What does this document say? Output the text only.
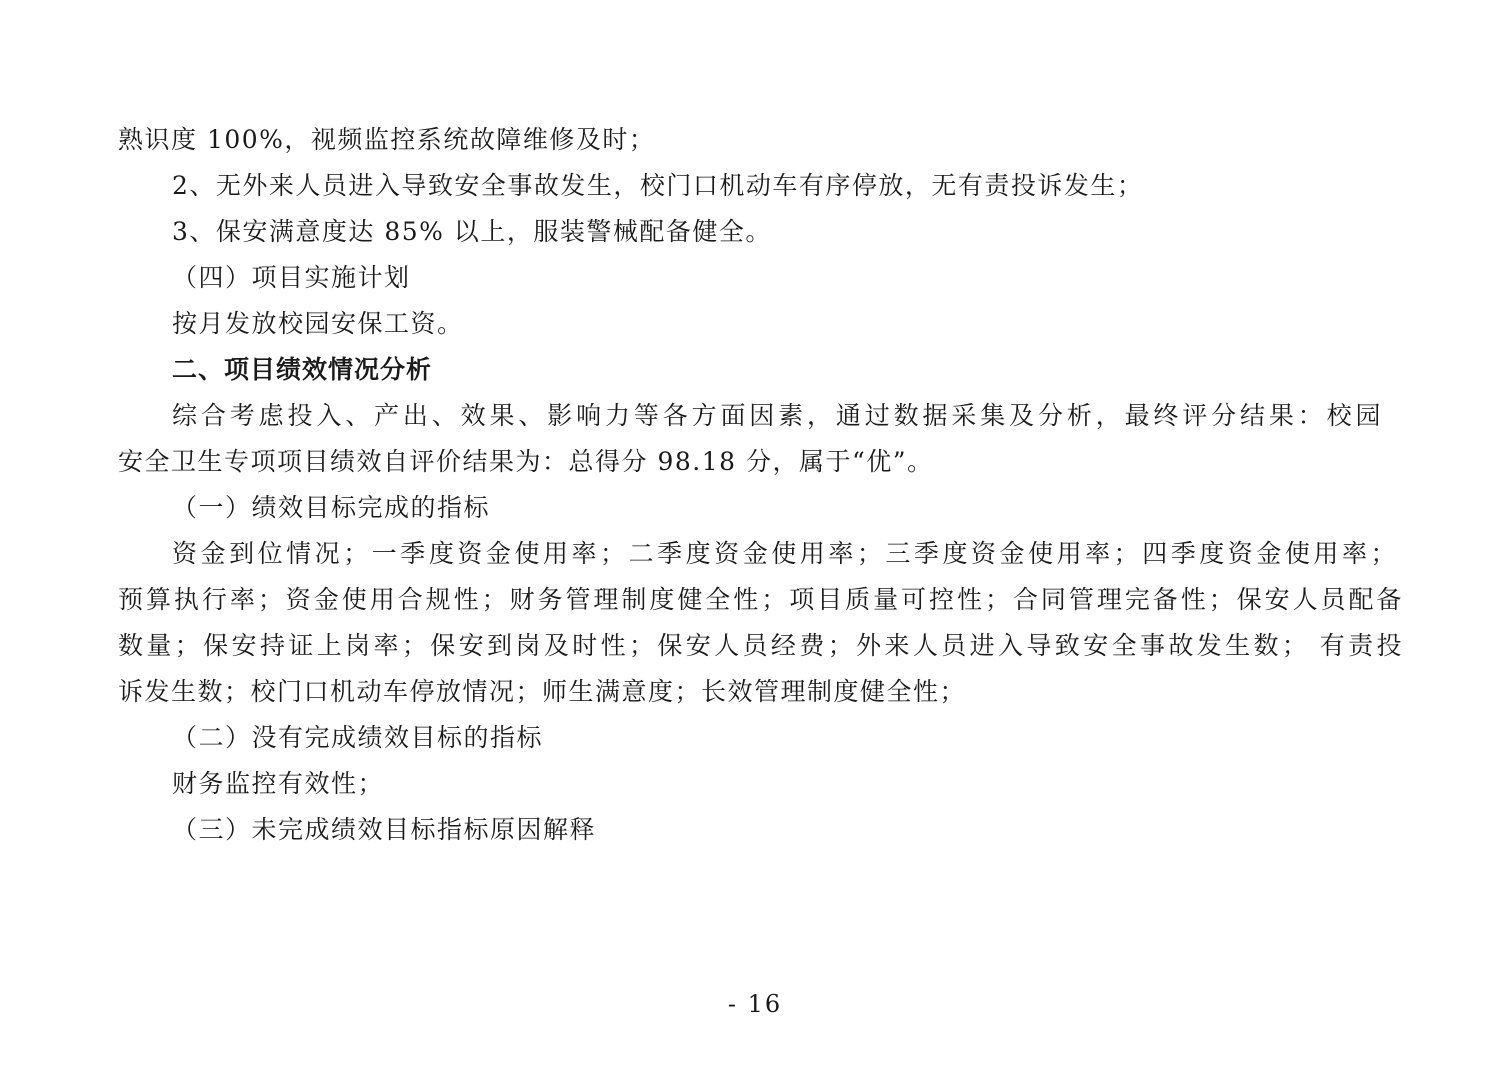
熟识度 100%，视频监控系统故障维修及时；
2、无外来人员进入导致安全事故发生，校门口机动车有序停放，无有责投诉发生；
3、保安满意度达 85% 以上，服装警械配备健全。
（四）项目实施计划
按月发放校园安保工资。
二、项目绩效情况分析
综合考虑投入、产出、效果、影响力等各方面因素，通过数据采集及分析，最终评分结果：校园
安全卫生专项项目绩效自评价结果为：总得分 98.18 分，属于“优”。
（一）绩效目标完成的指标
资金到位情况；一季度资金使用率；二季度资金使用率；三季度资金使用率；四季度资金使用率；
预算执行率；资金使用合规性；财务管理制度健全性；项目质量可控性；合同管理完备性；保安人员配备
数量；保安持证上岗率；保安到岗及时性；保安人员经费；外来人员进入导致安全事故发生数； 有责投
诉发生数；校门口机动车停放情况；师生满意度；长效管理制度健全性；
（二）没有完成绩效目标的指标
财务监控有效性；
（三）未完成绩效目标指标原因解释
- 16
